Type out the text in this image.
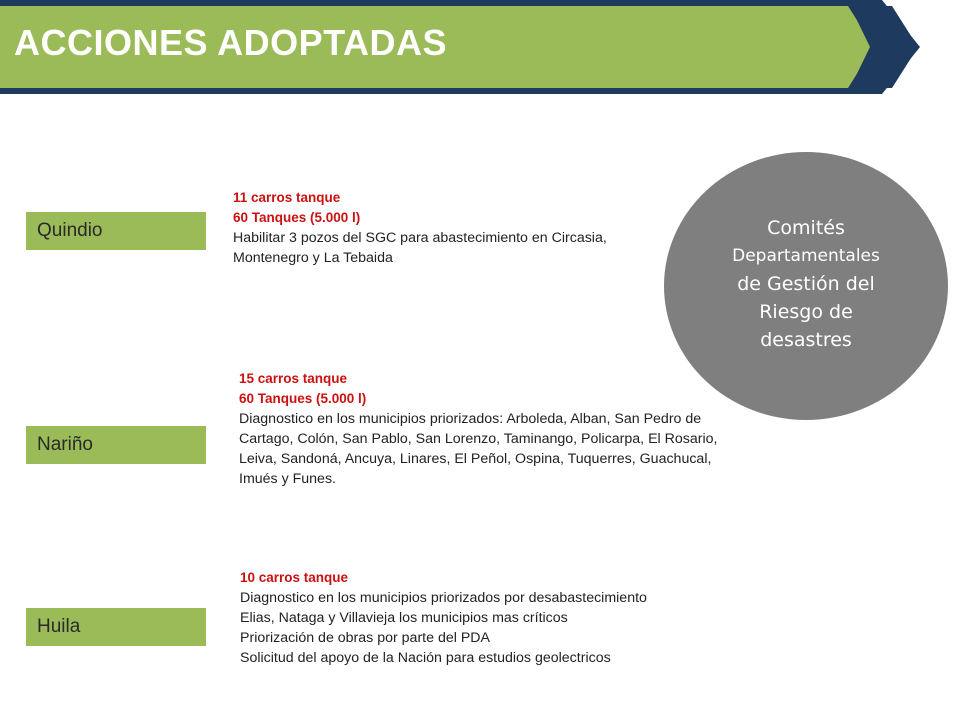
ACCIONES ADOPTADAS
Quindio
Nariño
Huila
11 carros tanque
60 Tanques (5.000 l)
Habilitar 3 pozos del SGC para abastecimiento en Circasia, Montenegro y La Tebaida
15 carros tanque
60 Tanques (5.000 l)
Diagnostico en los municipios priorizados: Arboleda, Alban, San Pedro de Cartago, Colón, San Pablo, San Lorenzo, Taminango, Policarpa, El Rosario, Leiva, Sandoná, Ancuya, Linares, El Peñol, Ospina, Tuquerres, Guachucal, Imués y Funes.
10 carros tanque
Diagnostico en los municipios priorizados por desabastecimiento
Elias, Nataga y Villavieja los municipios mas críticos
Priorización de obras por parte del PDA
Solicitud del apoyo de la Nación para estudios geolectricos
Comités
Departamentales
de Gestión del
Riesgo de
desastres
